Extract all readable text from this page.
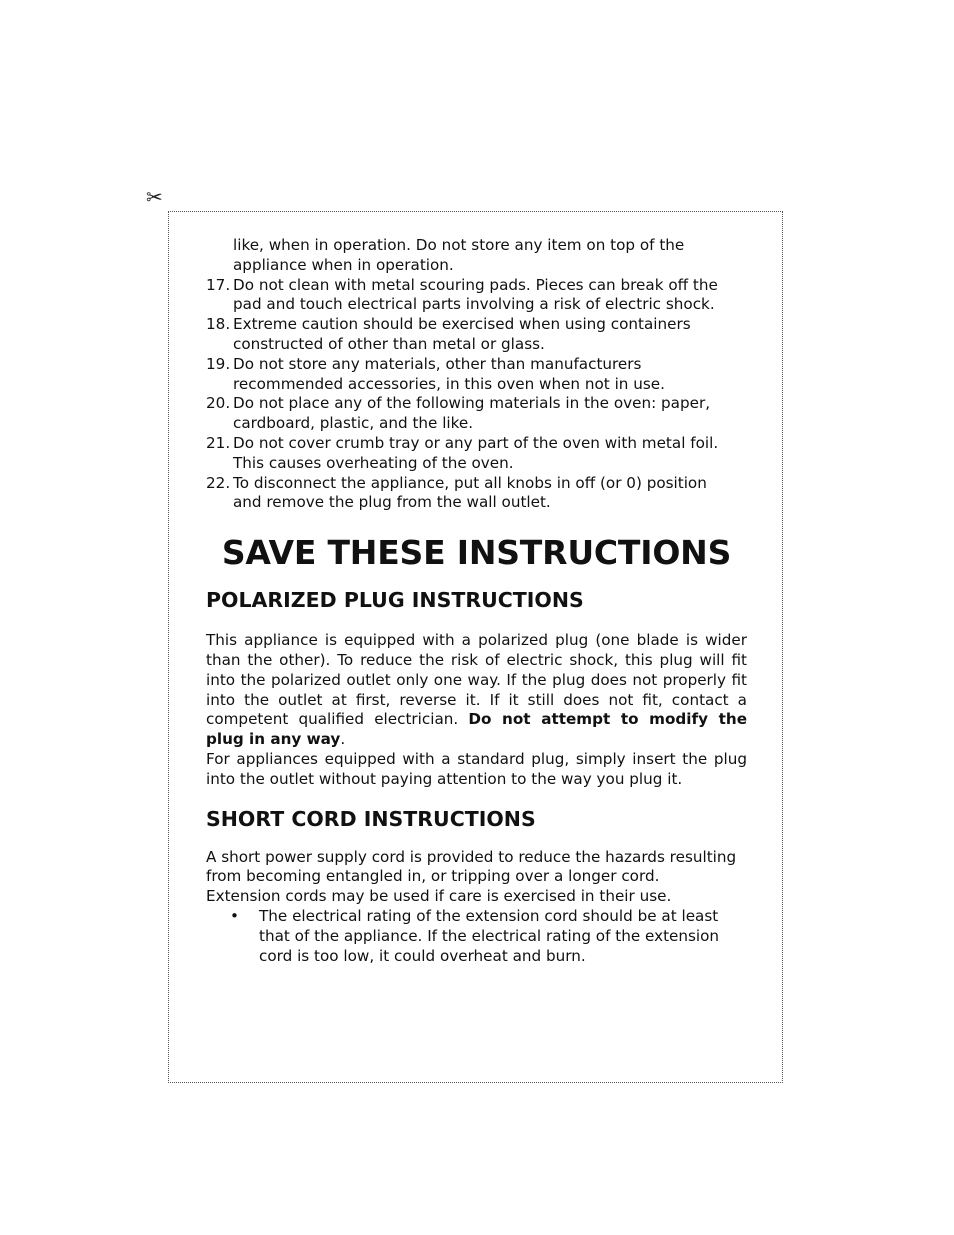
✂
like, when in operation. Do not store any item on top of the
appliance when in operation.
17. Do not clean with metal scouring pads. Pieces can break off the
pad and touch electrical parts involving a risk of electric shock.
18. Extreme caution should be exercised when using containers
constructed of other than metal or glass.
19. Do not store any materials, other than manufacturers
recommended accessories, in this oven when not in use.
20. Do not place any of the following materials in the oven: paper,
cardboard, plastic, and the like.
21. Do not cover crumb tray or any part of the oven with metal foil.
This causes overheating of the oven.
22. To disconnect the appliance, put all knobs in off (or 0) position
and remove the plug from the wall outlet.
SAVE THESE INSTRUCTIONS
POLARIZED PLUG INSTRUCTIONS

This appliance is equipped with a polarized plug (one blade is wider than the other). To reduce the risk of electric shock, this plug will fit into the polarized outlet only one way. If the plug does not properly fit into the outlet at first, reverse it. If it still does not fit, contact a competent qualified electrician. Do not attempt to modify the plug in any way.

For appliances equipped with a standard plug, simply insert the plug into the outlet without paying attention to the way you plug it.

SHORT CORD INSTRUCTIONS
A short power supply cord is provided to reduce the hazards resulting
from becoming entangled in, or tripping over a longer cord.
Extension cords may be used if care is exercised in their use.
•	The electrical rating of the extension cord should be at least that of the appliance. If the electrical rating of the extension cord is too low, it could overheat and burn.
